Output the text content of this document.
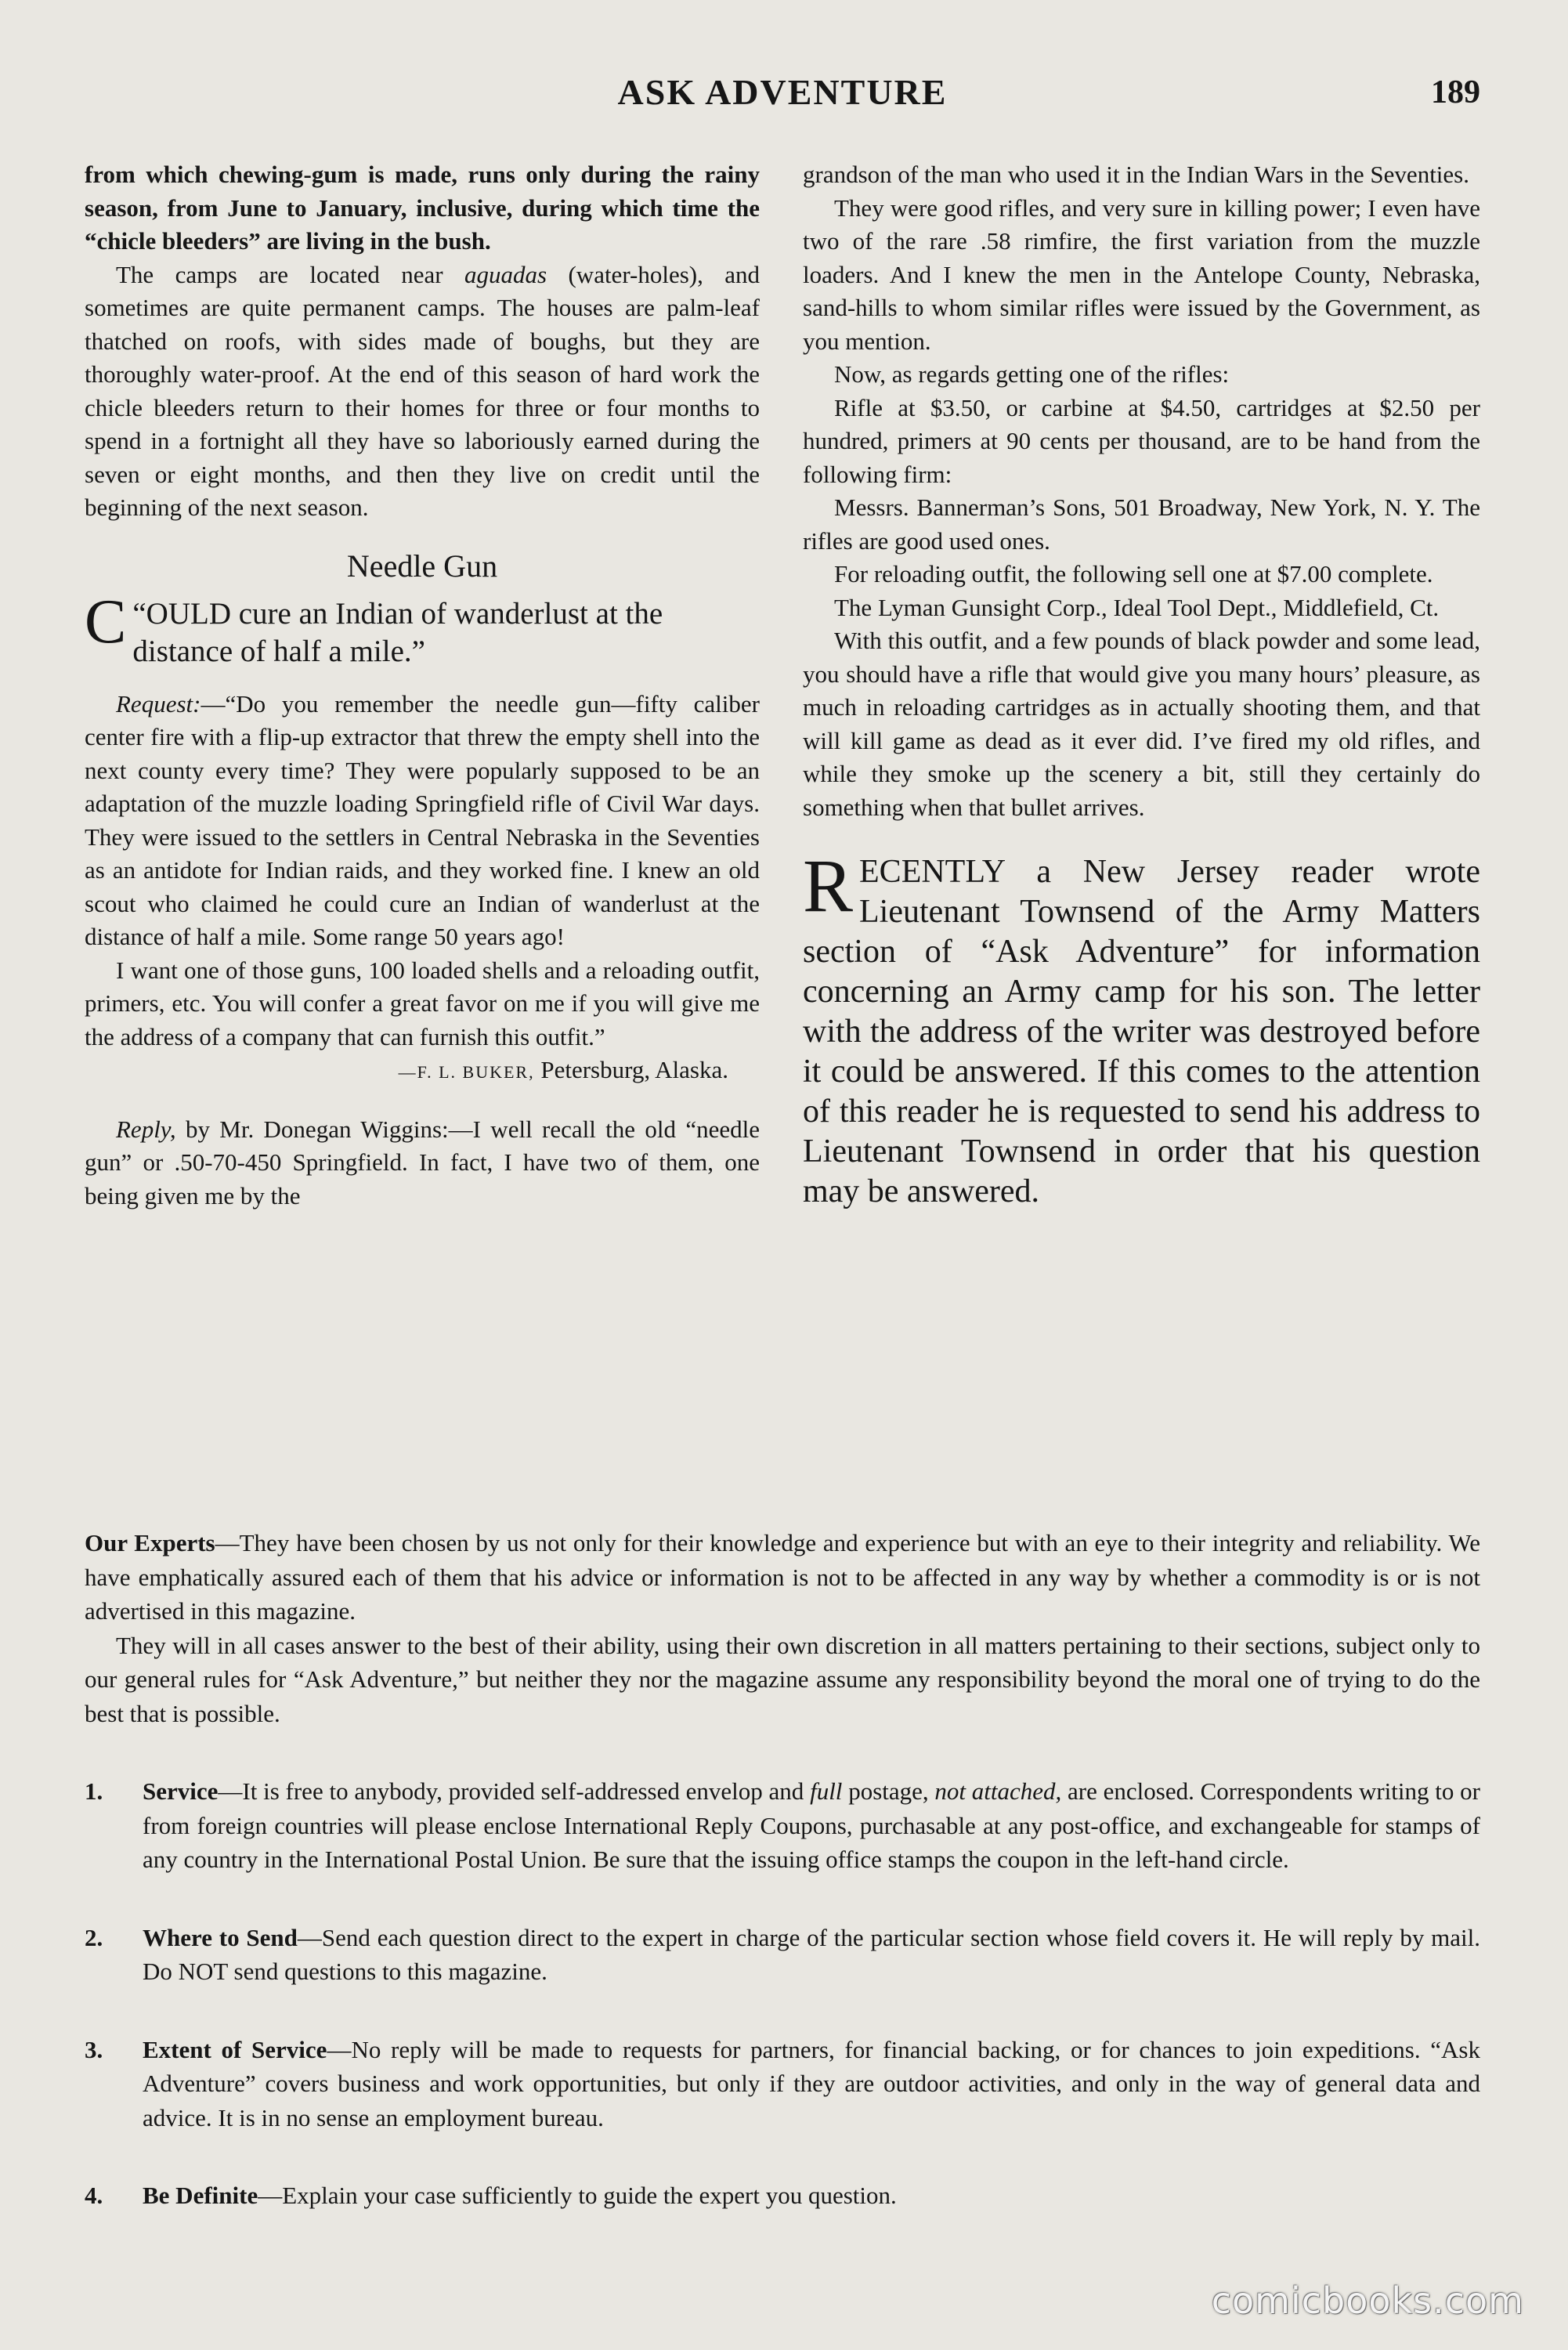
ASK ADVENTURE	189

from which chewing-gum is made, runs only during the rainy season, from June to January, inclusive, during which time the “chicle bleeders” are living in the bush.

The camps are located near aguadas (water-holes), and sometimes are quite permanent camps. The houses are palm-leaf thatched on roofs, with sides made of boughs, but they are thoroughly water-proof. At the end of this season of hard work the chicle bleeders return to their homes for three or four months to spend in a fortnight all they have so laboriously earned during the seven or eight months, and then they live on credit until the beginning of the next season.

Needle Gun
“
C OULD cure an Indian of wanderlust at the distance of half a mile.”

Request:—“Do you remember the needle gun—fifty caliber center fire with a flip-up extractor that threw the empty shell into the next county every time? They were popularly supposed to be an adaptation of the muzzle loading Springfield rifle of Civil War days. They were issued to the settlers in Central Nebraska in the Seventies as an antidote for Indian raids, and they worked fine. I knew an old scout who claimed he could cure an Indian of wanderlust at the distance of half a mile. Some range 50 years ago!

I want one of those guns, 100 loaded shells and a reloading outfit, primers, etc. You will confer a great favor on me if you will give me the address of a company that can furnish this outfit.”

—F. L. BUKER, Petersburg, Alaska.

Reply, by Mr. Donegan Wiggins:—I well recall the old “needle gun” or .50-70-450 Springfield. In fact, I have two of them, one being given me by the

grandson of the man who used it in the Indian Wars in the Seventies.

They were good rifles, and very sure in killing power; I even have two of the rare .58 rimfire, the first variation from the muzzle loaders. And I knew the men in the Antelope County, Nebraska, sand-hills to whom similar rifles were issued by the Government, as you mention.

Now, as regards getting one of the rifles:

Rifle at $3.50, or carbine at $4.50, cartridges at $2.50 per hundred, primers at 90 cents per thousand, are to be hand from the following firm:

Messrs. Bannerman’s Sons, 501 Broadway, New York, N. Y. The rifles are good used ones.

For reloading outfit, the following sell one at $7.00 complete.

The Lyman Gunsight Corp., Ideal Tool Dept., Middlefield, Ct.

With this outfit, and a few pounds of black powder and some lead, you should have a rifle that would give you many hours’ pleasure, as much in reloading cartridges as in actually shooting them, and that will kill game as dead as it ever did. I’ve fired my old rifles, and while they smoke up the scenery a bit, still they certainly do something when that bullet arrives.

RECENTLY a New Jersey reader wrote Lieutenant Townsend of the Army Matters section of “Ask Adventure” for information concerning an Army camp for his son. The letter with the address of the writer was destroyed before it could be answered. If this comes to the attention of this reader he is requested to send his address to Lieutenant Townsend in order that his question may be answered.

Our Experts—They have been chosen by us not only for their knowledge and experience but with an eye to their integrity and reliability. We have emphatically assured each of them that his advice or information is not to be affected in any way by whether a commodity is or is not advertised in this magazine.

They will in all cases answer to the best of their ability, using their own discretion in all matters pertaining to their sections, subject only to our general rules for “Ask Adventure,” but neither they nor the magazine assume any responsibility beyond the moral one of trying to do the best that is possible.

1. Service—It is free to anybody, provided self-addressed envelop and full postage, not attached, are enclosed. Correspondents writing to or from foreign countries will please enclose International Reply Coupons, purchasable at any post-office, and exchangeable for stamps of any country in the International Postal Union. Be sure that the issuing office stamps the coupon in the left-hand circle.
2. Where to Send—Send each question direct to the expert in charge of the particular section whose field covers it. He will reply by mail. Do NOT send questions to this magazine.
3. Extent of Service—No reply will be made to requests for partners, for financial backing, or for chances to join expeditions. “Ask Adventure” covers business and work opportunities, but only if they are outdoor activities, and only in the way of general data and advice. It is in no sense an employment bureau.
4. Be Definite—Explain your case sufficiently to guide the expert you question.
comicbooks.com
